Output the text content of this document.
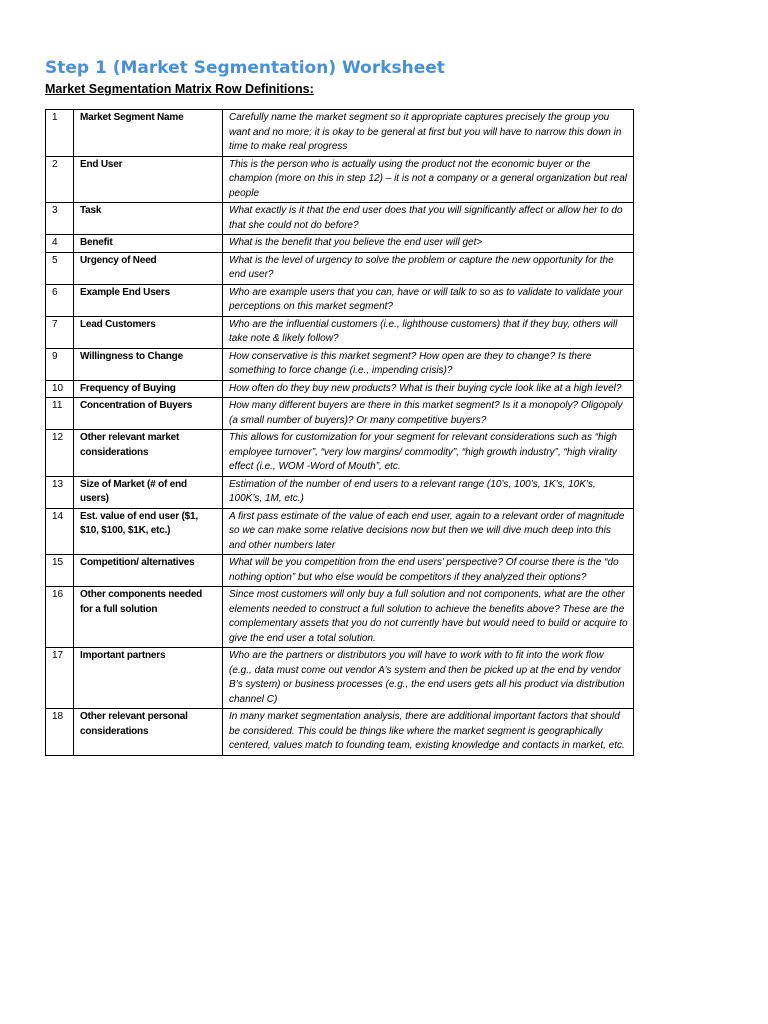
Step 1 (Market Segmentation) Worksheet
Market Segmentation Matrix Row Definitions:
1	Market Segment Name	Carefully name the market segment so it appropriate captures precisely the group you want and no more; it is okay to be general at first but you will have to narrow this down in time to make real progress
2	End User	This is the person who is actually using the product not the economic buyer or the champion (more on this in step 12) – it is not a company or a general organization but real people
3	Task	What exactly is it that the end user does that you will significantly affect or allow her to do that she could not do before?
4	Benefit	What is the benefit that you believe the end user will get>
5	Urgency of Need	What is the level of urgency to solve the problem or capture the new opportunity for the end user?
6	Example End Users	Who are example users that you can, have or will talk to so as to validate to validate your perceptions on this market segment?
7	Lead Customers	Who are the influential customers (i.e., lighthouse customers) that if they buy, others will take note & likely follow?
9	Willingness to Change	How conservative is this market segment? How open are they to change? Is there something to force change (i.e., impending crisis)?
10	Frequency of Buying	How often do they buy new products? What is their buying cycle look like at a high level?
11	Concentration of Buyers	How many different buyers are there in this market segment? Is it a monopoly? Oligopoly (a small number of buyers)? Or many competitive buyers?
12	Other relevant market considerations	This allows for customization for your segment for relevant considerations such as “high employee turnover”, “very low margins/ commodity”, “high growth industry”, “high virality effect (i.e., WOM -Word of Mouth”, etc.
13	Size of Market (# of end users)	Estimation of the number of end users to a relevant range (10’s, 100’s, 1K’s, 10K’s, 100K’s, 1M, etc.)
14	Est. value of end user ($1, $10, $100, $1K, etc.)	A first pass estimate of the value of each end user, again to a relevant order of magnitude so we can make some relative decisions now but then we will dive much deep into this and other numbers later
15	Competition/ alternatives	What will be you competition from the end users’ perspective? Of course there is the “do nothing option” but who else would be competitors if they analyzed their options?
16	Other components needed for a full solution	Since most customers will only buy a full solution and not components, what are the other elements needed to construct a full solution to achieve the benefits above? These are the complementary assets that you do not currently have but would need to build or acquire to give the end user a total solution.
17	Important partners	Who are the partners or distributors you will have to work with to fit into the work flow (e.g., data must come out vendor A’s system and then be picked up at the end by vendor B’s system) or business processes (e.g., the end users gets all his product via distribution channel C)
18	Other relevant personal considerations	In many market segmentation analysis, there are additional important factors that should be considered. This could be things like where the market segment is geographically centered, values match to founding team, existing knowledge and contacts in market, etc.
